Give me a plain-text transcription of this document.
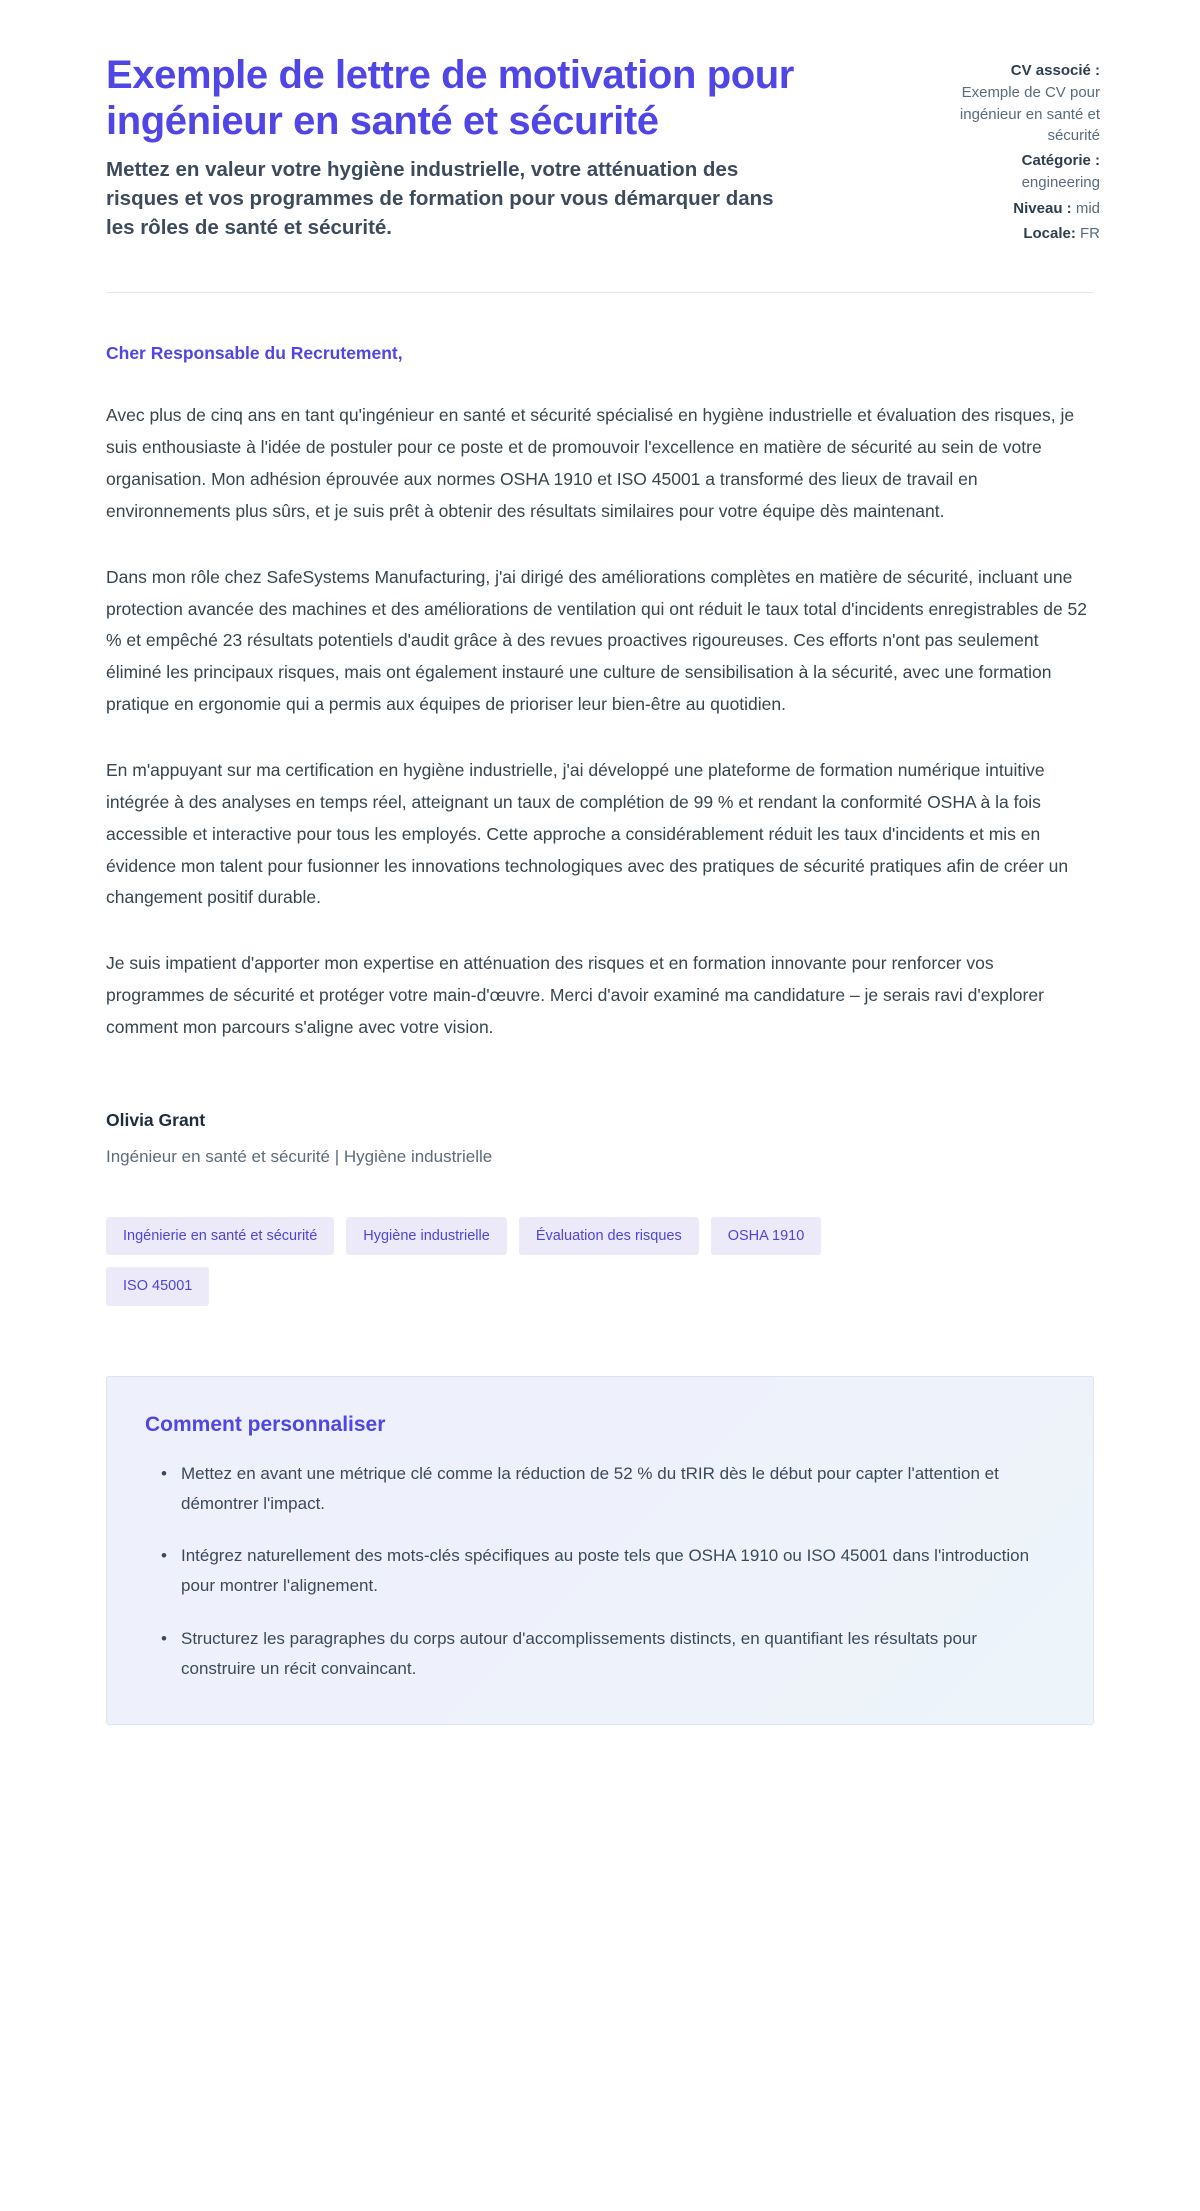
Exemple de lettre de motivation pour ingénieur en santé et sécurité

Mettez en valeur votre hygiène industrielle, votre atténuation des risques et vos programmes de formation pour vous démarquer dans les rôles de santé et sécurité.

CV associé :
Exemple de CV pour ingénieur en santé et sécurité
Catégorie :
engineering
Niveau : mid
Locale: FR

Cher Responsable du Recrutement,

Avec plus de cinq ans en tant qu'ingénieur en santé et sécurité spécialisé en hygiène industrielle et évaluation des risques, je suis enthousiaste à l'idée de postuler pour ce poste et de promouvoir l'excellence en matière de sécurité au sein de votre organisation. Mon adhésion éprouvée aux normes OSHA 1910 et ISO 45001 a transformé des lieux de travail en environnements plus sûrs, et je suis prêt à obtenir des résultats similaires pour votre équipe dès maintenant.

Dans mon rôle chez SafeSystems Manufacturing, j'ai dirigé des améliorations complètes en matière de sécurité, incluant une protection avancée des machines et des améliorations de ventilation qui ont réduit le taux total d'incidents enregistrables de 52 % et empêché 23 résultats potentiels d'audit grâce à des revues proactives rigoureuses. Ces efforts n'ont pas seulement éliminé les principaux risques, mais ont également instauré une culture de sensibilisation à la sécurité, avec une formation pratique en ergonomie qui a permis aux équipes de prioriser leur bien-être au quotidien.

En m'appuyant sur ma certification en hygiène industrielle, j'ai développé une plateforme de formation numérique intuitive intégrée à des analyses en temps réel, atteignant un taux de complétion de 99 % et rendant la conformité OSHA à la fois accessible et interactive pour tous les employés. Cette approche a considérablement réduit les taux d'incidents et mis en évidence mon talent pour fusionner les innovations technologiques avec des pratiques de sécurité pratiques afin de créer un changement positif durable.

Je suis impatient d'apporter mon expertise en atténuation des risques et en formation innovante pour renforcer vos programmes de sécurité et protéger votre main-d'œuvre. Merci d'avoir examiné ma candidature – je serais ravi d'explorer comment mon parcours s'aligne avec votre vision.

Olivia Grant

Ingénieur en santé et sécurité | Hygiène industrielle

Ingénierie en santé et sécurité	Hygiène industrielle	Évaluation des risques	OSHA 1910
ISO 45001
Comment personnaliser
• Mettez en avant une métrique clé comme la réduction de 52 % du tRIR dès le début pour capter l'attention et démontrer l'impact.
• Intégrez naturellement des mots-clés spécifiques au poste tels que OSHA 1910 ou ISO 45001 dans l'introduction pour montrer l'alignement.
• Structurez les paragraphes du corps autour d'accomplissements distincts, en quantifiant les résultats pour construire un récit convaincant.
